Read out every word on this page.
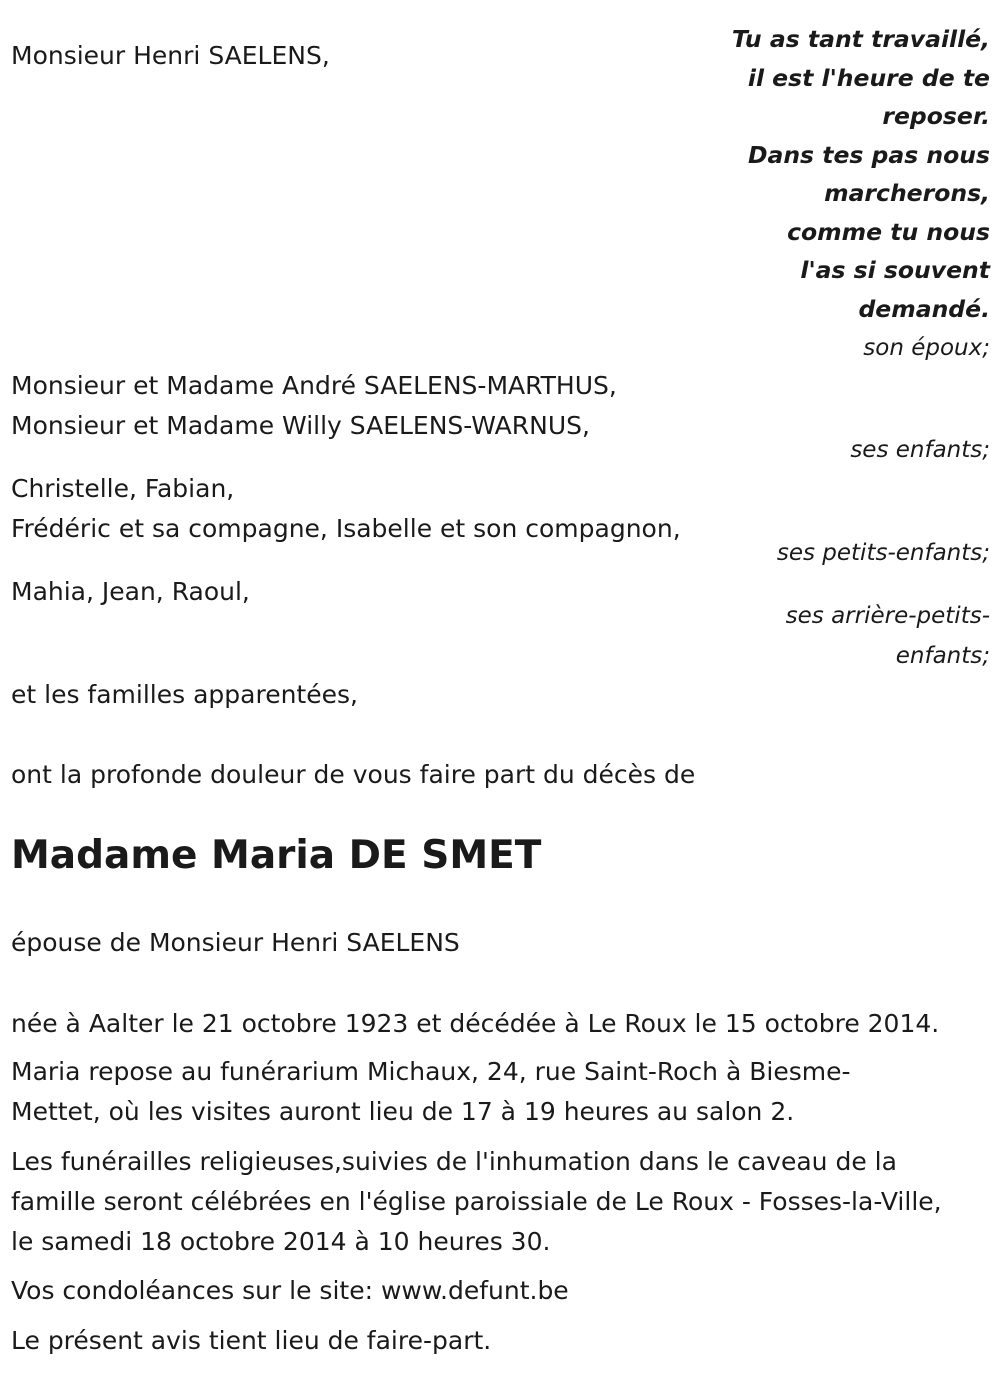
Monsieur Henri SAELENS,

Tu as tant travaillé,
il est l'heure de te
reposer.
Dans tes pas nous
marcherons,
comme tu nous
l'as si souvent
demandé.

son époux;

Monsieur et Madame André SAELENS-MARTHUS,

Monsieur et Madame Willy SAELENS-WARNUS,

ses enfants;

Christelle, Fabian,

Frédéric et sa compagne, Isabelle et son compagnon,

ses petits-enfants;

Mahia, Jean, Raoul,

ses arrière-petits-

enfants;

et les familles apparentées,

ont la profonde douleur de vous faire part du décès de

Madame Maria DE SMET

épouse de Monsieur Henri SAELENS

née à Aalter le 21 octobre 1923 et décédée à Le Roux le 15 octobre 2014.

Maria repose au funérarium Michaux, 24, rue Saint-Roch à Biesme-

Mettet, où les visites auront lieu de 17 à 19 heures au salon 2.

Les funérailles religieuses,suivies de l'inhumation dans le caveau de la

famille seront célébrées en l'église paroissiale de Le Roux - Fosses-la-Ville,

le samedi 18 octobre 2014 à 10 heures 30.

Vos condoléances sur le site: www.defunt.be

Le présent avis tient lieu de faire-part.
